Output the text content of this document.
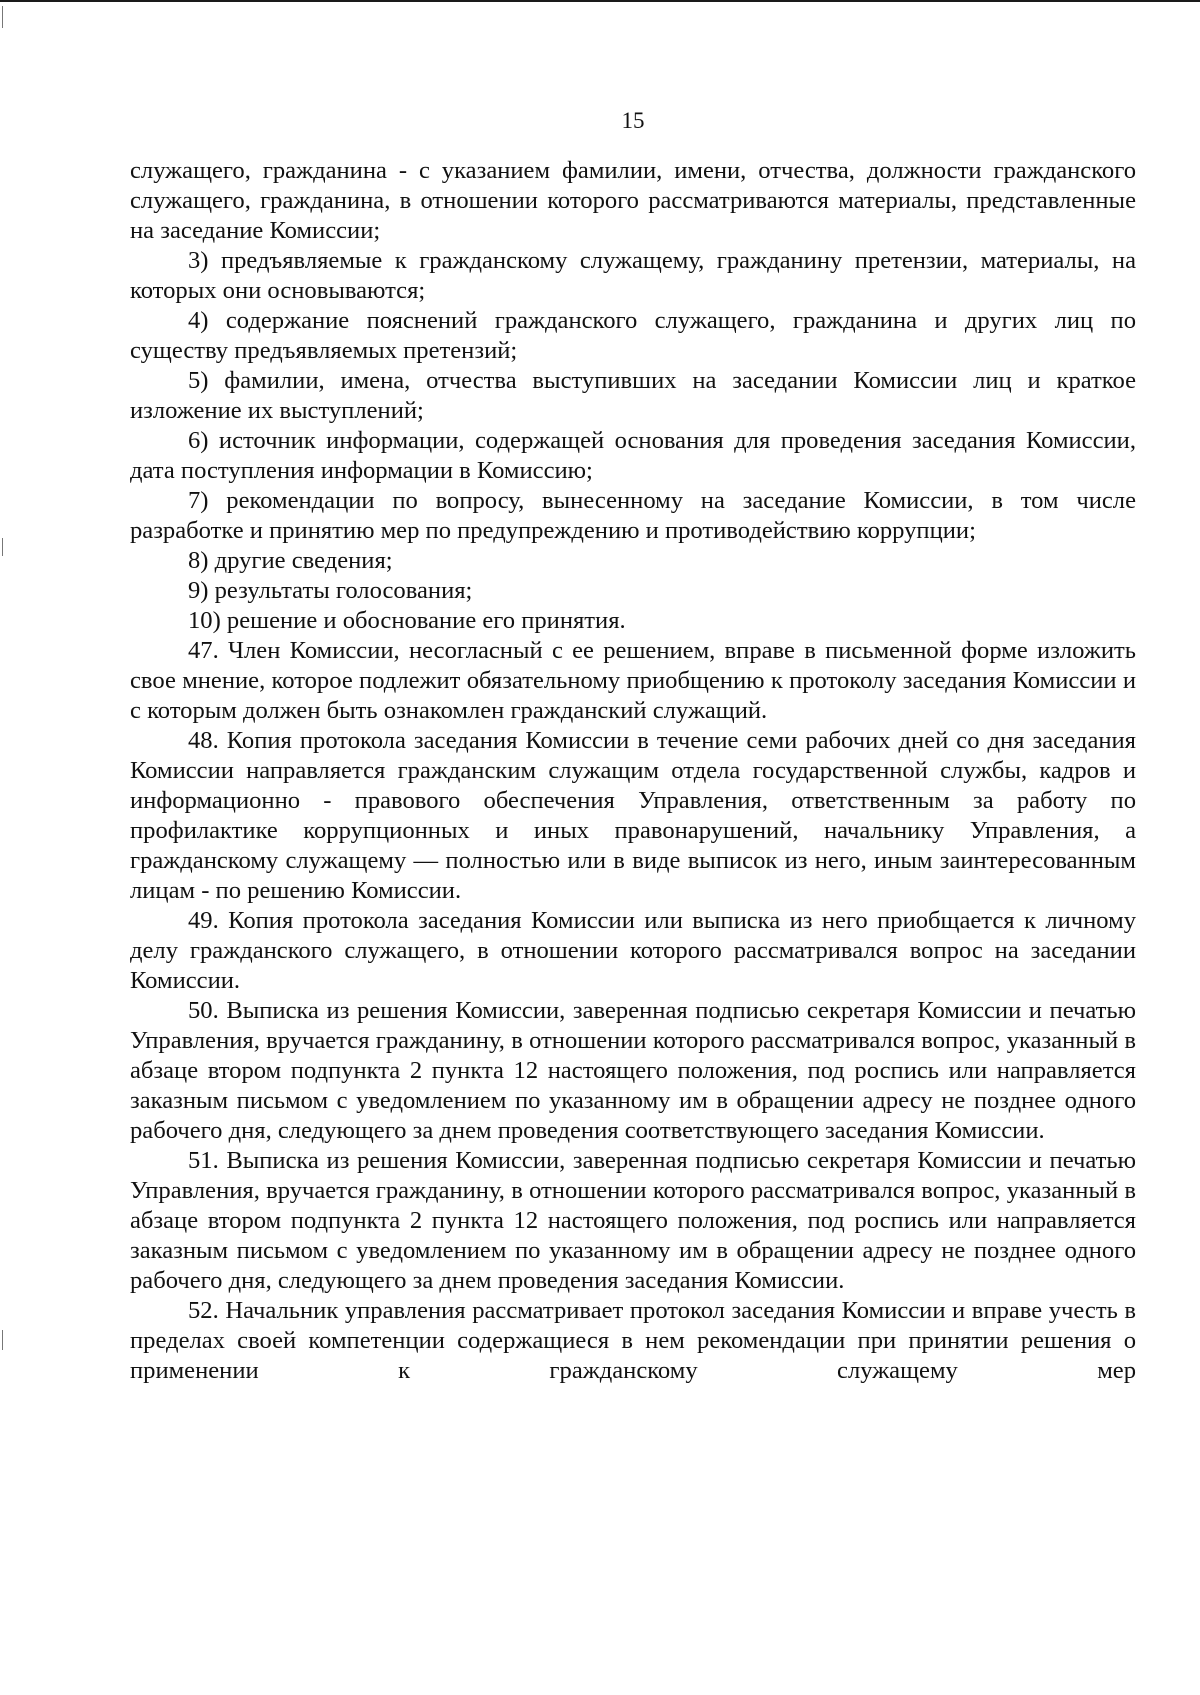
15

служащего, гражданина - с указанием фамилии, имени, отчества, должности гражданского служащего, гражданина, в отношении которого рассматриваются материалы, представленные на заседание Комиссии;

3) предъявляемые к гражданскому служащему, гражданину претензии, материалы, на которых они основываются;

4) содержание пояснений гражданского служащего, гражданина и других лиц по существу предъявляемых претензий;

5) фамилии, имена, отчества выступивших на заседании Комиссии лиц и краткое изложение их выступлений;

6) источник информации, содержащей основания для проведения заседания Комиссии, дата поступления информации в Комиссию;

7) рекомендации по вопросу, вынесенному на заседание Комиссии, в том числе разработке и принятию мер по предупреждению и противодействию коррупции;

8) другие сведения;

9) результаты голосования;

10) решение и обоснование его принятия.

47. Член Комиссии, несогласный с ее решением, вправе в письменной форме изложить свое мнение, которое подлежит обязательному приобщению к протоколу заседания Комиссии и с которым должен быть ознакомлен гражданский служащий.

48. Копия протокола заседания Комиссии в течение семи рабочих дней со дня заседания Комиссии направляется гражданским служащим отдела государственной службы, кадров и информационно - правового обеспечения Управления, ответственным за работу по профилактике коррупционных и иных правонарушений, начальнику Управления, а гражданскому служащему — полностью или в виде выписок из него, иным заинтересованным лицам - по решению Комиссии.

49. Копия протокола заседания Комиссии или выписка из него приобщается к личному делу гражданского служащего, в отношении которого рассматривался вопрос на заседании Комиссии.

50. Выписка из решения Комиссии, заверенная подписью секретаря Комиссии и печатью Управления, вручается гражданину, в отношении которого рассматривался вопрос, указанный в абзаце втором подпункта 2 пункта 12 настоящего положения, под роспись или направляется заказным письмом с уведомлением по указанному им в обращении адресу не позднее одного рабочего дня, следующего за днем проведения соответствующего заседания Комиссии.

51. Выписка из решения Комиссии, заверенная подписью секретаря Комиссии и печатью Управления, вручается гражданину, в отношении которого рассматривался вопрос, указанный в абзаце втором подпункта 2 пункта 12 настоящего положения, под роспись или направляется заказным письмом с уведомлением по указанному им в обращении адресу не позднее одного рабочего дня, следующего за днем проведения заседания Комиссии.

52. Начальник управления рассматривает протокол заседания Комиссии и вправе учесть в пределах своей компетенции содержащиеся в нем рекомендации при принятии решения о применении к гражданскому служащему мер
